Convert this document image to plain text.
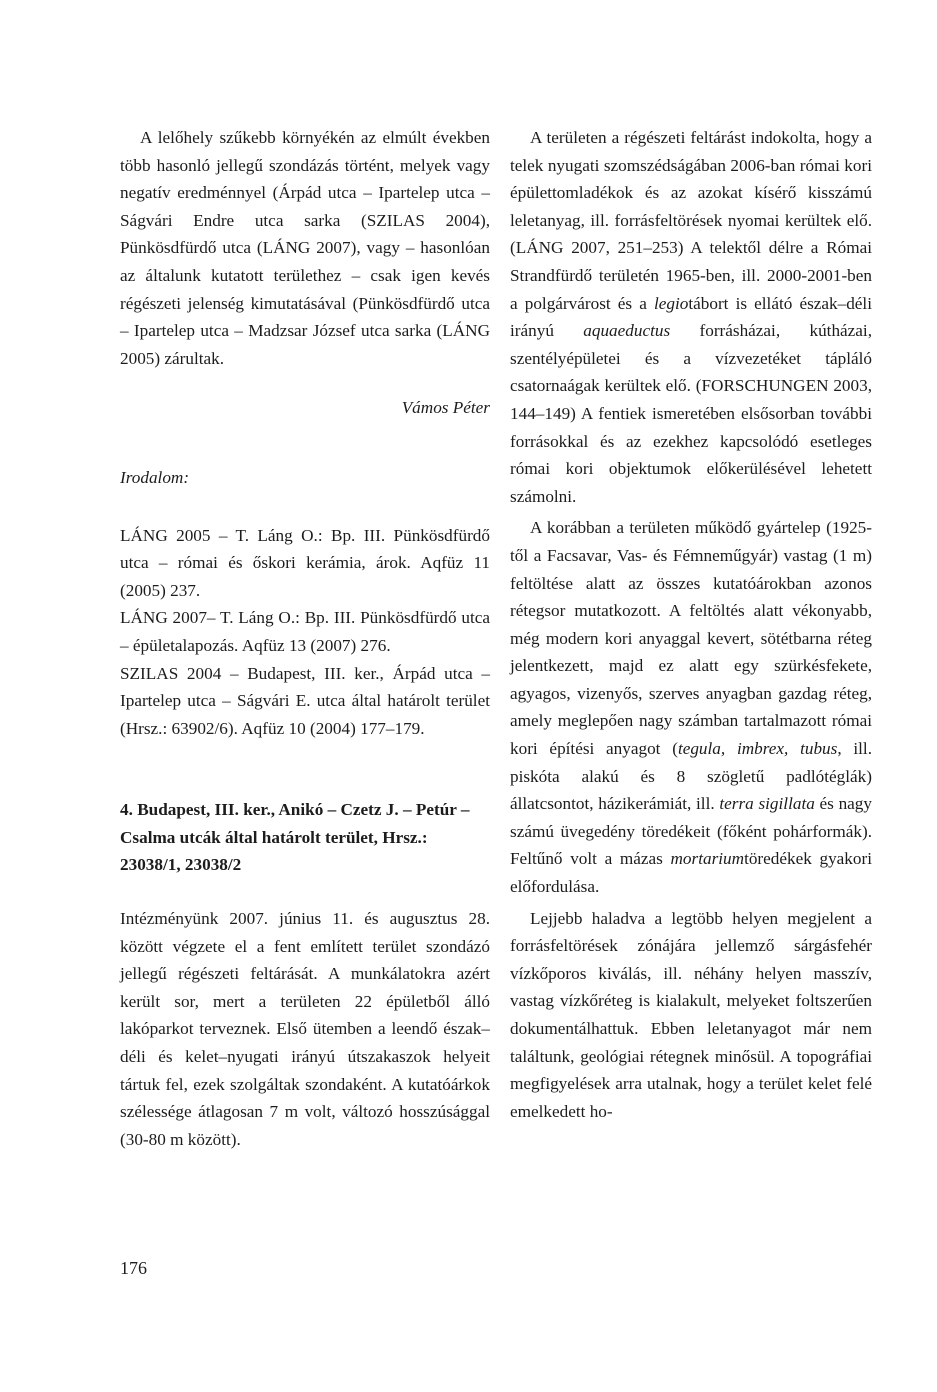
A lelőhely szűkebb környékén az elmúlt években több hasonló jellegű szondázás történt, melyek vagy negatív eredménnyel (Árpád utca – Ipartelep utca – Ságvári Endre utca sarka (SZILAS 2004), Pünkösdfürdő utca (LÁNG 2007), vagy – hasonlóan az általunk kutatott területhez – csak igen kevés régészeti jelenség kimutatásával (Pünkösdfürdő utca – Ipartelep utca – Madzsar József utca sarka (LÁNG 2005) zárultak.

Vámos Péter

Irodalom:

LÁNG 2005 – T. Láng O.: Bp. III. Pünkösdfürdő utca – római és őskori kerámia, árok. Aqfüz 11 (2005) 237.

LÁNG 2007– T. Láng O.: Bp. III. Pünkösdfürdő utca – épületalapozás. Aqfüz 13 (2007) 276.

SZILAS 2004 – Budapest, III. ker., Árpád utca – Ipartelep utca – Ságvári E. utca által határolt terület (Hrsz.: 63902/6). Aqfüz 10 (2004) 177–179.

4. Budapest, III. ker., Anikó – Czetz J. – Petúr – Csalma utcák által határolt terület, Hrsz.: 23038/1, 23038/2

Intézményünk 2007. június 11. és augusztus 28. között végzete el a fent említett terület szondázó jellegű régészeti feltárását. A munkálatokra azért került sor, mert a területen 22 épületből álló lakóparkot terveznek. Első ütemben a leendő észak–déli és kelet–nyugati irányú útszakaszok helyeit tártuk fel, ezek szolgáltak szondaként. A kutatóárkok szélessége átlagosan 7 m volt, változó hosszúsággal (30-80 m között).

A területen a régészeti feltárást indokolta, hogy a telek nyugati szomszédságában 2006-ban római kori épülettomladékok és az azokat kísérő kisszámú leletanyag, ill. forrásfeltörések nyomai kerültek elő. (LÁNG 2007, 251–253) A telektől délre a Római Strandfürdő területén 1965-ben, ill. 2000-2001-ben a polgárvárost és a legiotábort is ellátó észak–déli irányú aquaeductus forrásházai, kútházai, szentélyépületei és a vízvezetéket tápláló csatornaágak kerültek elő. (FORSCHUNGEN 2003, 144–149) A fentiek ismeretében elsősorban további forrásokkal és az ezekhez kapcsolódó esetleges római kori objektumok előkerülésével lehetett számolni.

A korábban a területen működő gyártelep (1925-től a Facsavar, Vas- és Fémneműgyár) vastag (1 m) feltöltése alatt az összes kutatóárokban azonos rétegsor mutatkozott. A feltöltés alatt vékonyabb, még modern kori anyaggal kevert, sötétbarna réteg jelentkezett, majd ez alatt egy szürkésfekete, agyagos, vizenyős, szerves anyagban gazdag réteg, amely meglepően nagy számban tartalmazott római kori építési anyagot (tegula, imbrex, tubus, ill. piskóta alakú és 8 szögletű padlótéglák) állatcsontot, házikerámiát, ill. terra sigillata és nagy számú üvegedény töredékeit (főként pohárformák). Feltűnő volt a mázas mortariumtöredékek gyakori előfordulása.

Lejjebb haladva a legtöbb helyen megjelent a forrásfeltörések zónájára jellemző sárgásfehér vízkőporos kiválás, ill. néhány helyen masszív, vastag vízkőréteg is kialakult, melyeket foltszerűen dokumentálhattuk. Ebben leletanyagot már nem találtunk, geológiai rétegnek minősül. A topográfiai megfigyelések arra utalnak, hogy a terület kelet felé emelkedett ho-

176
